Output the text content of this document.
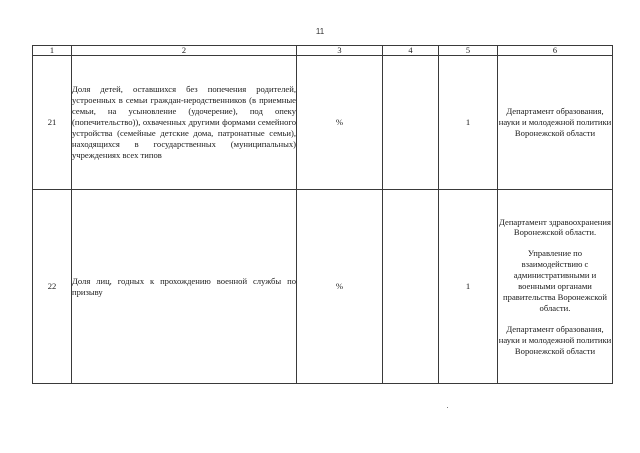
11
1	2	3	4	5	6
21	Доля детей, оставшихся без попечения родителей, устроенных в семьи граждан-нeродственников (в приемные семьи, на усыновление (удочерение), под опеку (попечительство)), охваченных другими формами семейного устройства (семейные детские дома, патронатные семьи), находящихся в государственных (муниципальных) учреждениях всех типов	%		1	Департамент образования, науки и молодежной политики Воронежской области

22	Доля лиц, годных к прохождению военной службы по призыву	%		1	Департамент здравоохранения Воронежской области.
Управление по взаимодействию с административными и военными органами правительства Воронежской области.
Департамент образования, науки и молодежной политики Воронежской области
